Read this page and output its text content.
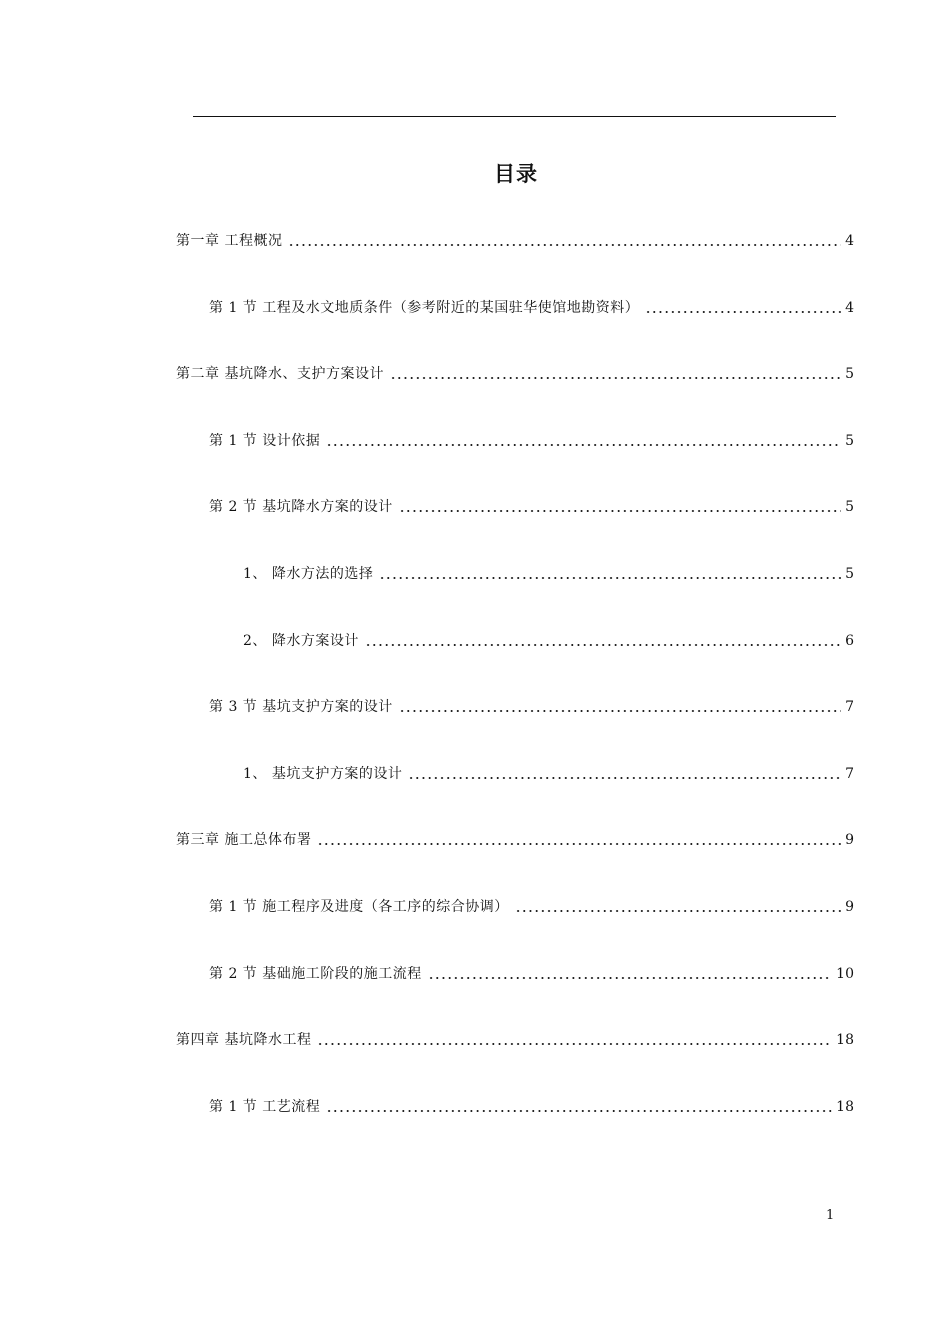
目录
第一章 工程概况	4
第 1 节 工程及水文地质条件（参考附近的某国驻华使馆地勘资料）	4
第二章 基坑降水、支护方案设计	5
第 1 节 设计依据	5
第 2 节 基坑降水方案的设计	5
1、 降水方法的选择	5
2、 降水方案设计	6
第 3 节 基坑支护方案的设计	7
1、 基坑支护方案的设计	7
第三章 施工总体布署	9
第 1 节 施工程序及进度（各工序的综合协调）	9
第 2 节 基础施工阶段的施工流程	10
第四章 基坑降水工程	18
第 1 节 工艺流程	18
1
